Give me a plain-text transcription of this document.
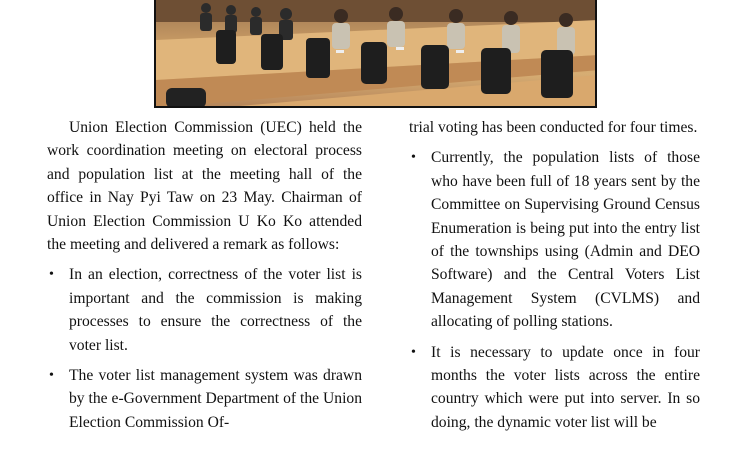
Union Election Commission (UEC) held the work coordination meeting on electoral process and population list at the meeting hall of the office in Nay Pyi Taw on 23 May. Chairman of Union Election Commission U Ko Ko attended the meeting and delivered a remark as follows:

• In an election, correctness of the voter list is important and the commission is making processes to ensure the correctness of the voter list.
• The voter list management system was drawn by the e-Government Department of the Union Election Commission Of-

trial voting has been conducted for four times.

• Currently, the population lists of those who have been full of 18 years sent by the Committee on Supervising Ground Census Enumeration is being put into the entry list of the townships using (Admin and DEO Software) and the Central Voters List Management System (CVLMS) and allocating of polling stations.
• It is necessary to update once in four months the voter lists across the entire country which were put into server. In so doing, the dynamic voter list will be
